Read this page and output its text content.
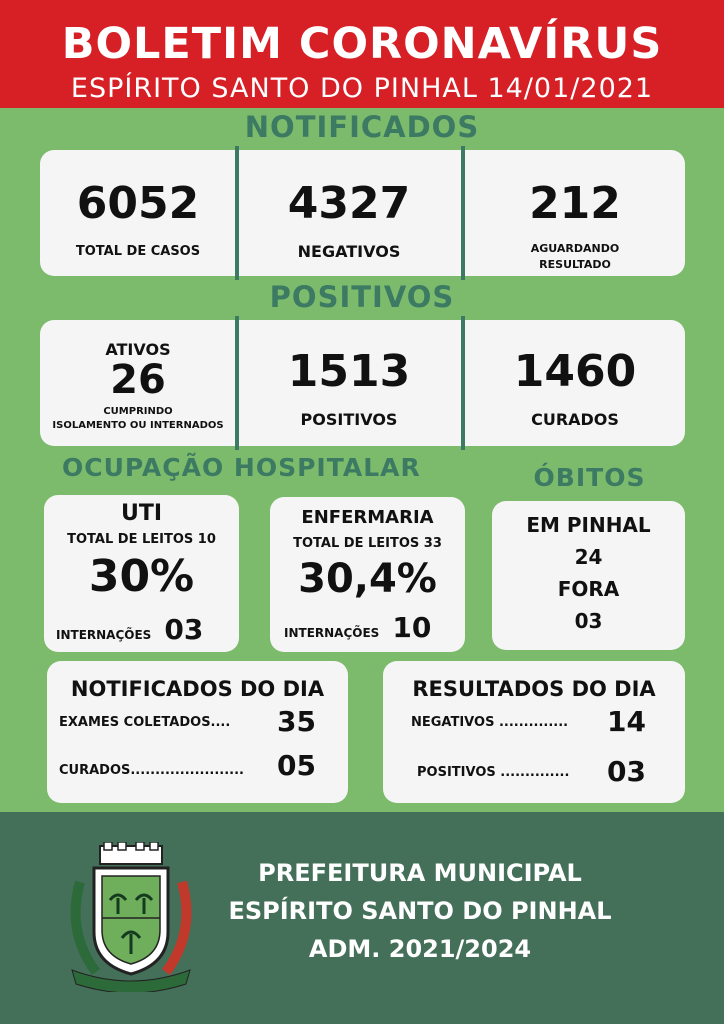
BOLETIM CORONAVÍRUS
ESPÍRITO SANTO DO PINHAL 14/01/2021
NOTIFICADOS
6052
TOTAL DE CASOS
4327
NEGATIVOS
212
AGUARDANDO
RESULTADO
POSITIVOS
ATIVOS
26
CUMPRINDO
ISOLAMENTO OU INTERNADOS
1513
POSITIVOS
1460
CURADOS
OCUPAÇÃO HOSPITALAR
UTI
TOTAL DE LEITOS 10
30%
INTERNAÇÕES 03
ENFERMARIA
TOTAL DE LEITOS 33
30,4%
INTERNAÇÕES 10
ÓBITOS
EM PINHAL
24
FORA
03
NOTIFICADOS DO DIA
EXAMES COLETADOS.... 35
CURADOS....................... 05
RESULTADOS DO DIA
NEGATIVOS .............. 14
POSITIVOS .............. 03
PREFEITURA MUNICIPAL
ESPÍRITO SANTO DO PINHAL
ADM. 2021/2024
